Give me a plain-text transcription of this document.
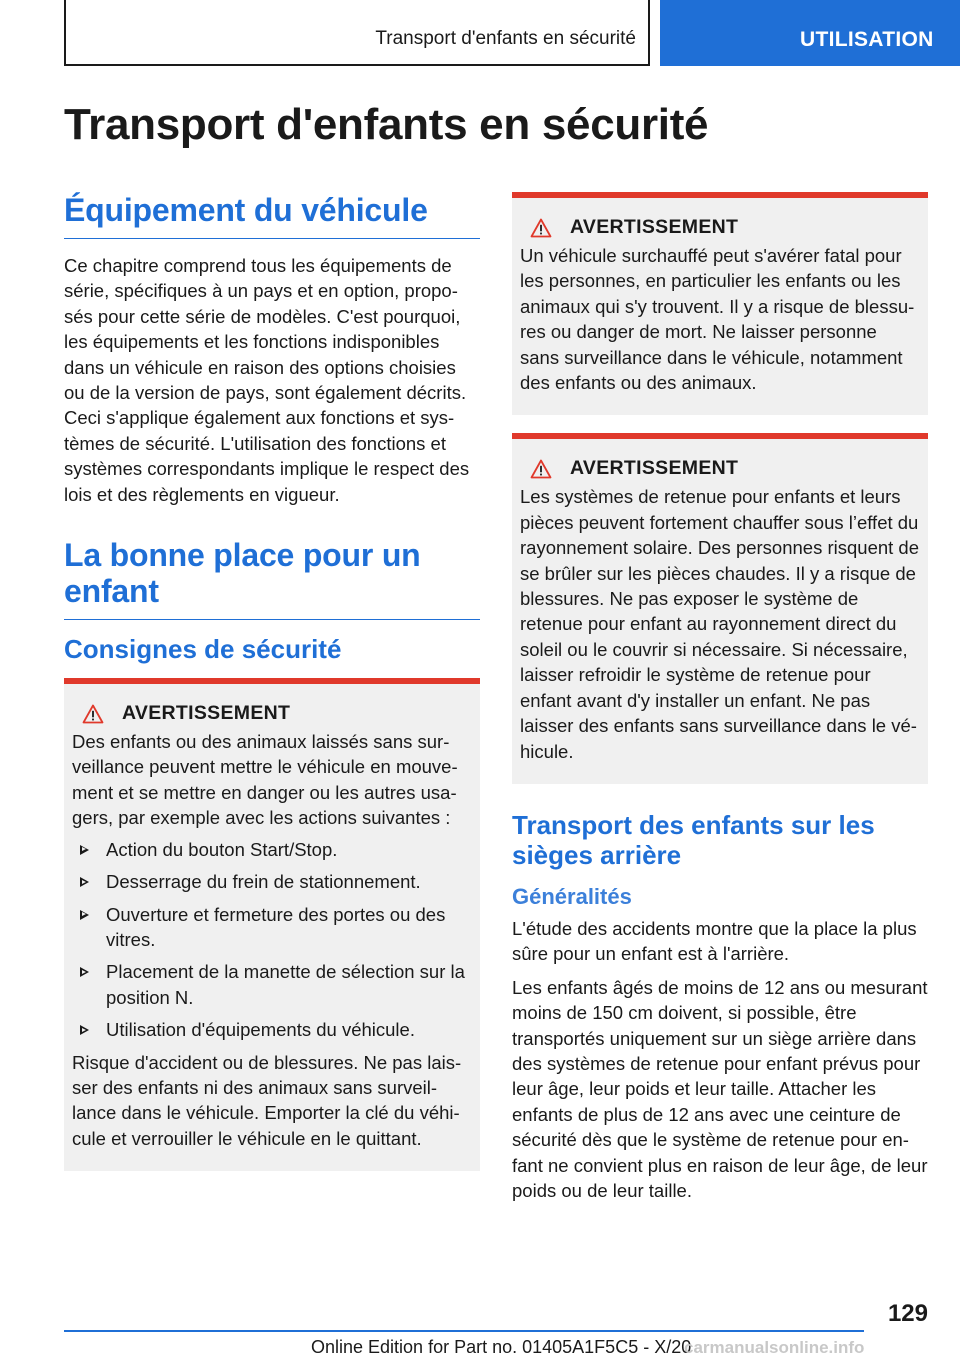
Transport d'enfants en sécurité	UTILISATION
Transport d'enfants en sécurité
Équipement du véhicule

Ce chapitre comprend tous les équipements de série, spécifiques à un pays et en option, proposés pour cette série de modèles. C'est pourquoi, les équipements et les fonctions indisponibles dans un véhicule en raison des options choisies ou de la version de pays, sont également décrits. Ceci s'applique également aux fonctions et systèmes de sécurité. L'utilisation des fonctions et systèmes correspondants implique le respect des lois et des règlements en vigueur.

La bonne place pour un enfant
Consignes de sécurité
AVERTISSEMENT

Des enfants ou des animaux laissés sans surveillance peuvent mettre le véhicule en mouvement et se mettre en danger ou les autres usagers, par exemple avec les actions suivantes :

Action du bouton Start/Stop.
Desserrage du frein de stationnement.
Ouverture et fermeture des portes ou des vitres.
Placement de la manette de sélection sur la position N.
Utilisation d'équipements du véhicule.

Risque d'accident ou de blessures. Ne pas laisser des enfants ni des animaux sans surveillance dans le véhicule. Emporter la clé du véhicule et verrouiller le véhicule en le quittant.

AVERTISSEMENT

Un véhicule surchauffé peut s'avérer fatal pour les personnes, en particulier les enfants ou les animaux qui s'y trouvent. Il y a risque de blessures ou danger de mort. Ne laisser personne sans surveillance dans le véhicule, notamment des enfants ou des animaux.

AVERTISSEMENT

Les systèmes de retenue pour enfants et leurs pièces peuvent fortement chauffer sous l’effet du rayonnement solaire. Des personnes risquent de se brûler sur les pièces chaudes. Il y a risque de blessures. Ne pas exposer le système de retenue pour enfant au rayonnement direct du soleil ou le couvrir si nécessaire. Si nécessaire, laisser refroidir le système de retenue pour enfant avant d'y installer un enfant. Ne pas laisser des enfants sans surveillance dans le véhicule.

Transport des enfants sur les sièges arrière
Généralités

L'étude des accidents montre que la place la plus sûre pour un enfant est à l'arrière.

Les enfants âgés de moins de 12 ans ou mesurant moins de 150 cm doivent, si possible, être transportés uniquement sur un siège arrière dans des systèmes de retenue pour enfant prévus pour leur âge, leur poids et leur taille. Attacher les enfants de plus de 12 ans avec une ceinture de sécurité dès que le système de retenue pour enfant ne convient plus en raison de leur âge, de leur poids ou de leur taille.

129
Online Edition for Part no. 01405A1F5C5 - X/20
carmanualsonline.info
